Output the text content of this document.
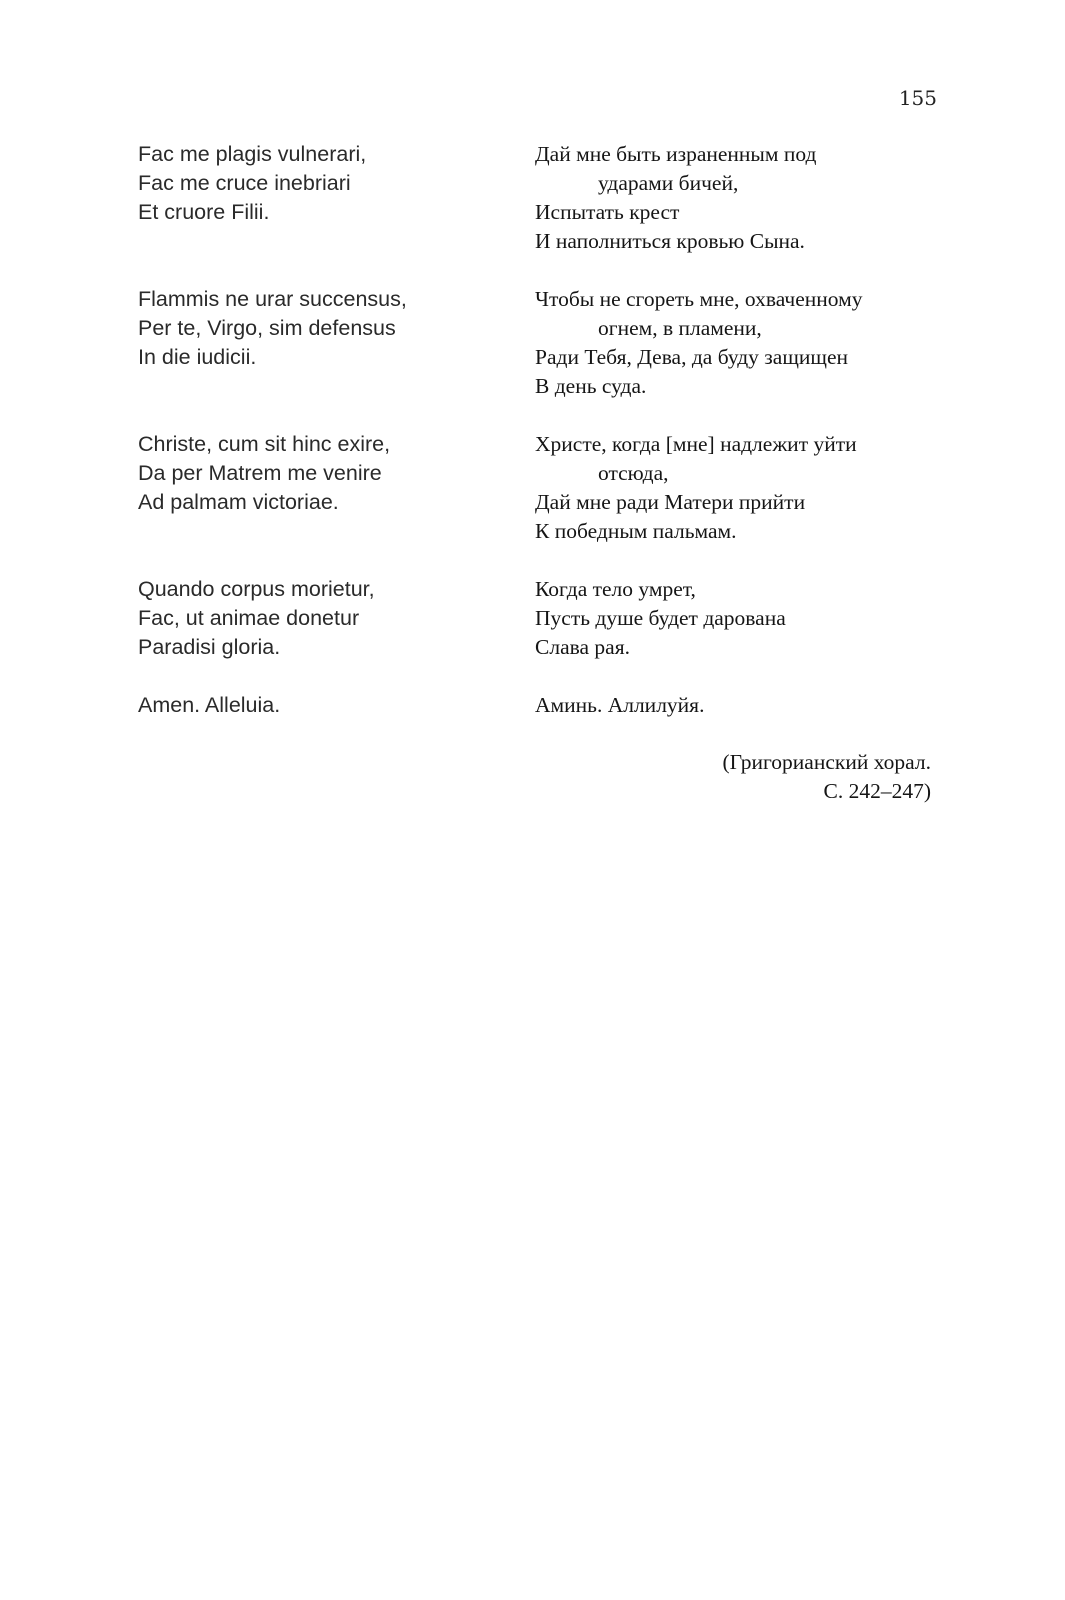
155
Fac me plagis vulnerari,
Fac me cruce inebriari
Et cruore Filii.
Flammis ne urar succensus,
Per te, Virgo, sim defensus
In die iudicii.
Christe, cum sit hinc exire,
Da per Matrem me venire
Ad palmam victoriae.
Quando corpus morietur,
Fac, ut animae donetur
Paradisi gloria.
Amen. Alleluia.
Дай мне быть израненным под
ударами бичей,
Испытать крест
И наполниться кровью Сына.
Чтобы не сгореть мне, охваченному
огнем, в пламени,
Ради Тебя, Дева, да буду защищен
В день суда.
Христе, когда [мне] надлежит уйти
отсюда,
Дай мне ради Матери прийти
К победным пальмам.
Когда тело умрет,
Пусть душе будет дарована
Слава рая.
Аминь. Аллилуйя.
(Григорианский хорал.
С. 242–247)
